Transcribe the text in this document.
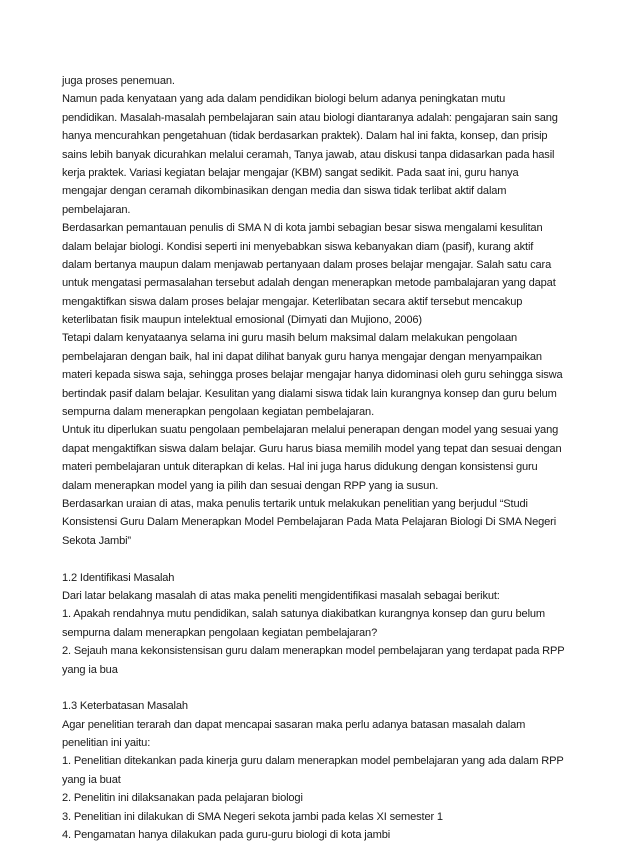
juga proses penemuan.
Namun pada kenyataan yang ada dalam pendidikan biologi belum adanya peningkatan mutu
pendidikan. Masalah-masalah pembelajaran sain atau biologi diantaranya adalah: pengajaran sain sang
hanya mencurahkan pengetahuan (tidak berdasarkan praktek). Dalam hal ini fakta, konsep, dan prisip
sains lebih banyak dicurahkan melalui ceramah, Tanya jawab, atau diskusi tanpa didasarkan pada hasil
kerja praktek. Variasi kegiatan belajar mengajar (KBM) sangat sedikit. Pada saat ini, guru hanya
mengajar dengan ceramah dikombinasikan dengan media dan siswa tidak terlibat aktif dalam
pembelajaran.
Berdasarkan pemantauan penulis di SMA N di kota jambi sebagian besar siswa mengalami kesulitan
dalam belajar biologi. Kondisi seperti ini menyebabkan siswa kebanyakan diam (pasif), kurang aktif
dalam bertanya maupun dalam menjawab pertanyaan dalam proses belajar mengajar. Salah satu cara
untuk mengatasi permasalahan tersebut adalah dengan menerapkan metode pambalajaran yang dapat
mengaktifkan siswa dalam proses belajar mengajar. Keterlibatan secara aktif tersebut mencakup
keterlibatan fisik maupun intelektual emosional (Dimyati dan Mujiono, 2006)
Tetapi dalam kenyataanya selama ini guru masih belum maksimal dalam melakukan pengolaan
pembelajaran dengan baik, hal ini dapat dilihat banyak guru hanya mengajar dengan menyampaikan
materi kepada siswa saja, sehingga proses belajar mengajar hanya didominasi oleh guru sehingga siswa
bertindak pasif dalam belajar. Kesulitan yang dialami siswa tidak lain kurangnya konsep dan guru belum
sempurna dalam menerapkan pengolaan kegiatan pembelajaran.
Untuk itu diperlukan suatu pengolaan pembelajaran melalui penerapan dengan model yang sesuai yang
dapat mengaktifkan siswa dalam belajar. Guru harus biasa memilih model yang tepat dan sesuai dengan
materi pembelajaran untuk diterapkan di kelas. Hal ini juga harus didukung dengan konsistensi guru
dalam menerapkan model yang ia pilih dan sesuai dengan RPP yang ia susun.
Berdasarkan uraian di atas, maka penulis tertarik untuk melakukan penelitian yang berjudul “Studi
Konsistensi Guru Dalam Menerapkan Model Pembelajaran Pada Mata Pelajaran Biologi Di SMA Negeri
Sekota Jambi”
1.2 Identifikasi Masalah
Dari latar belakang masalah di atas maka peneliti mengidentifikasi masalah sebagai berikut:
1. Apakah rendahnya mutu pendidikan, salah satunya diakibatkan kurangnya konsep dan guru belum
sempurna dalam menerapkan pengolaan kegiatan pembelajaran?
2. Sejauh mana kekonsistensisan guru dalam menerapkan model pembelajaran yang terdapat pada RPP
yang ia bua
1.3 Keterbatasan Masalah
Agar penelitian terarah dan dapat mencapai sasaran maka perlu adanya batasan masalah dalam
penelitian ini yaitu:
1. Penelitian ditekankan pada kinerja guru dalam menerapkan model pembelajaran yang ada dalam RPP
yang ia buat
2. Penelitin ini dilaksanakan pada pelajaran biologi
3. Penelitian ini dilakukan di SMA Negeri sekota jambi pada kelas XI semester 1
4. Pengamatan hanya dilakukan pada guru-guru biologi di kota jambi
